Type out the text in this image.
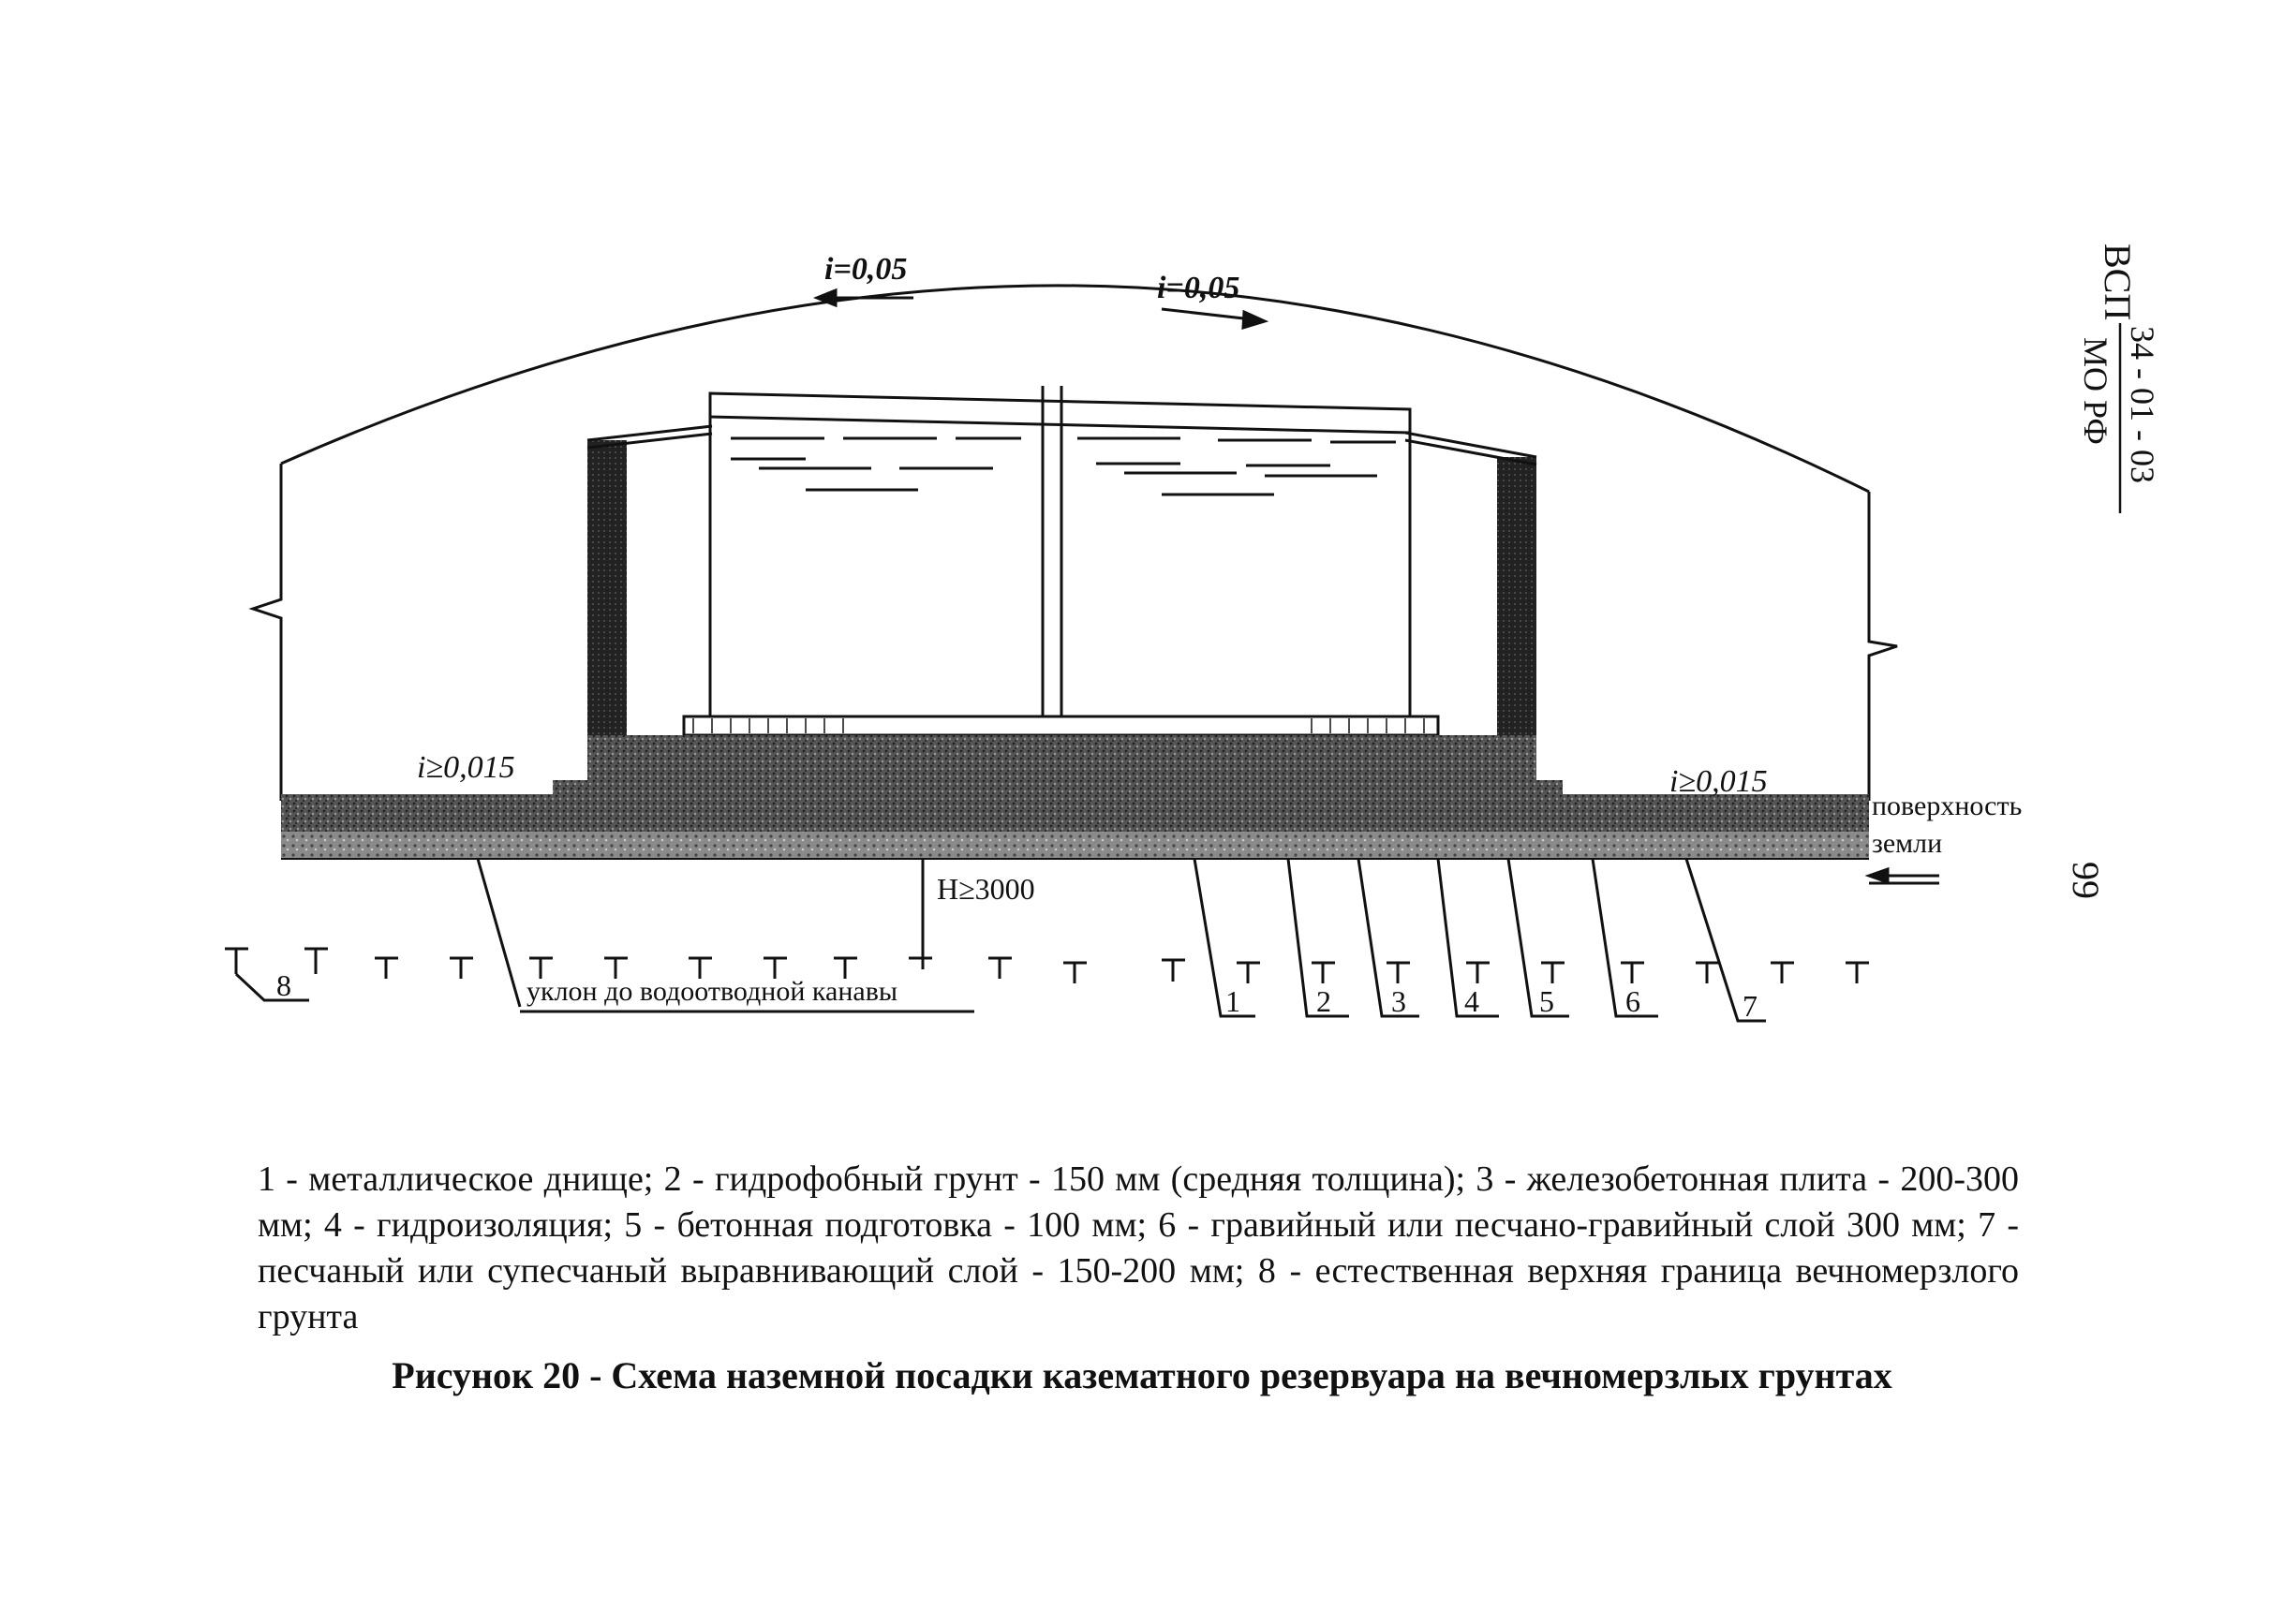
i=0,05
i=0,05
поверхность
земли
i≥0,015	i≥0,015
H≥3000
уклон до водоотводной канавы	1	2 3 4 5 6	7
8
ВСП
34 - 01 - 03
МО РФ
99
1 - металлическое днище; 2 - гидрофобный грунт - 150 мм (средняя толщина); 3 - железобетонная плита - 200-300 мм; 4 - гидроизоляция; 5 - бетонная подготовка - 100 мм; 6 - гравийный или песчано-гравийный слой 300 мм; 7 - песчаный или супесчаный выравнивающий слой - 150-200 мм; 8 - естественная верхняя граница вечномерзлого грунта
Рисунок 20 - Схема наземной посадки казематного резервуара на вечномерзлых грунтах
